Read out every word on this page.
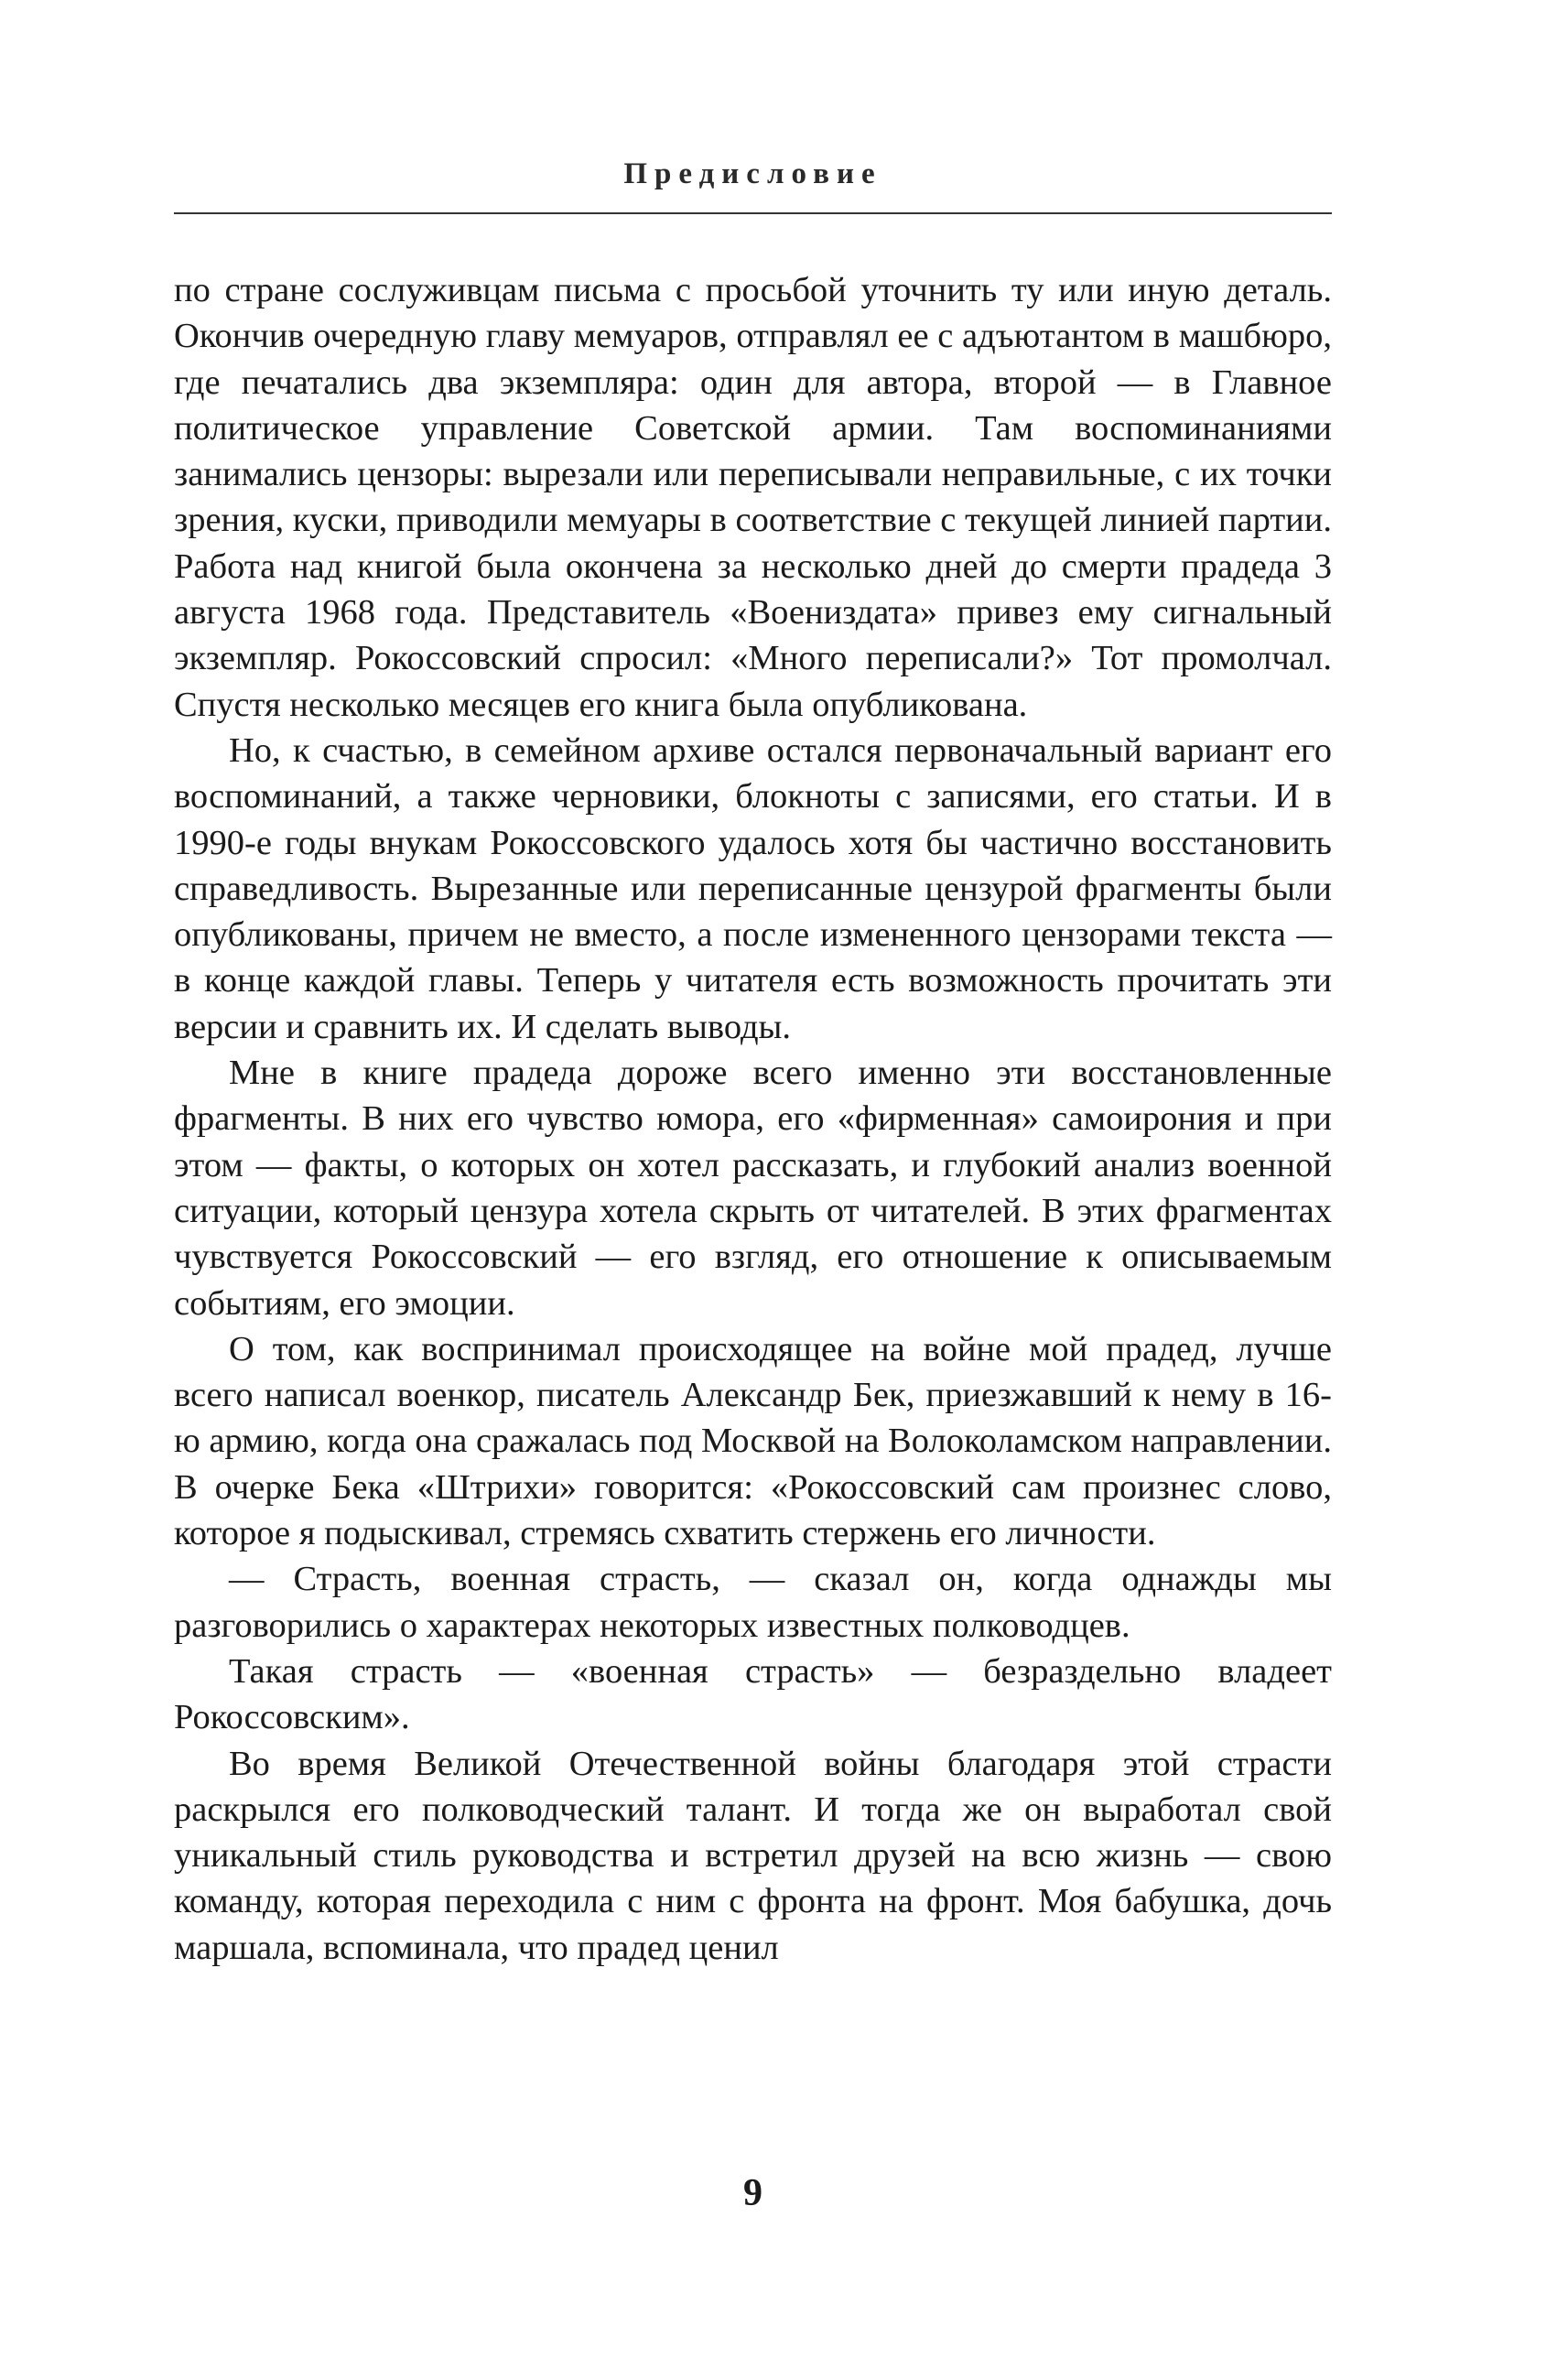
Предисловие

по стране сослуживцам письма с просьбой уточнить ту или иную деталь. Окончив очередную главу мемуаров, отправлял ее с адъютантом в машбюро, где печатались два экземпляра: один для автора, второй — в Главное политическое управление Советской армии. Там воспоминаниями занимались цензоры: вырезали или переписывали неправильные, с их точки зрения, куски, приводили мемуары в соответствие с текущей линией партии. Работа над книгой была окончена за несколько дней до смерти прадеда 3 августа 1968 года. Представитель «Воениздата» привез ему сигнальный экземпляр. Рокоссовский спросил: «Много переписали?» Тот промолчал. Спустя несколько месяцев его книга была опубликована.

Но, к счастью, в семейном архиве остался первоначальный вариант его воспоминаний, а также черновики, блокноты с записями, его статьи. И в 1990-е годы внукам Рокоссовского удалось хотя бы частично восстановить справедливость. Вырезанные или переписанные цензурой фрагменты были опубликованы, причем не вместо, а после измененного цензорами текста — в конце каждой главы. Теперь у читателя есть возможность прочитать эти версии и сравнить их. И сделать выводы.

Мне в книге прадеда дороже всего именно эти восстановленные фрагменты. В них его чувство юмора, его «фирменная» самоирония и при этом — факты, о которых он хотел рассказать, и глубокий анализ военной ситуации, который цензура хотела скрыть от читателей. В этих фрагментах чувствуется Рокоссовский — его взгляд, его отношение к описываемым событиям, его эмоции.

О том, как воспринимал происходящее на войне мой прадед, лучше всего написал военкор, писатель Александр Бек, приезжавший к нему в 16-ю армию, когда она сражалась под Москвой на Волоколамском направлении. В очерке Бека «Штрихи» говорится: «Рокоссовский сам произнес слово, которое я подыскивал, стремясь схватить стержень его личности.

— Страсть, военная страсть, — сказал он, когда однажды мы разговорились о характерах некоторых известных полководцев.

Такая страсть — «военная страсть» — безраздельно владеет Рокоссовским».

Во время Великой Отечественной войны благодаря этой страсти раскрылся его полководческий талант. И тогда же он выработал свой уникальный стиль руководства и встретил друзей на всю жизнь — свою команду, которая переходила с ним с фронта на фронт. Моя бабушка, дочь маршала, вспоминала, что прадед ценил

9
